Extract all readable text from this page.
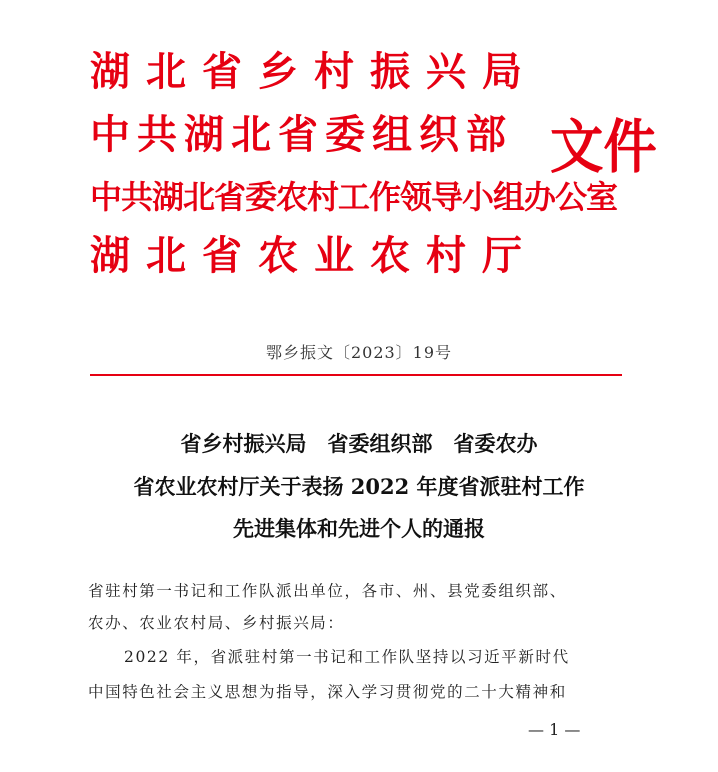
湖北省乡村振兴局
中共湖北省委组织部
中共湖北省委农村工作领导小组办公室
湖北省农业农村厅
文件
鄂乡振文〔2023〕19号
省乡村振兴局　省委组织部　省委农办
省农业农村厅关于表扬 2022 年度省派驻村工作
先进集体和先进个人的通报
省驻村第一书记和工作队派出单位，各市、州、县党委组织部、
农办、农业农村局、乡村振兴局：
2022 年，省派驻村第一书记和工作队坚持以习近平新时代
中国特色社会主义思想为指导，深入学习贯彻党的二十大精神和
— 1 —
